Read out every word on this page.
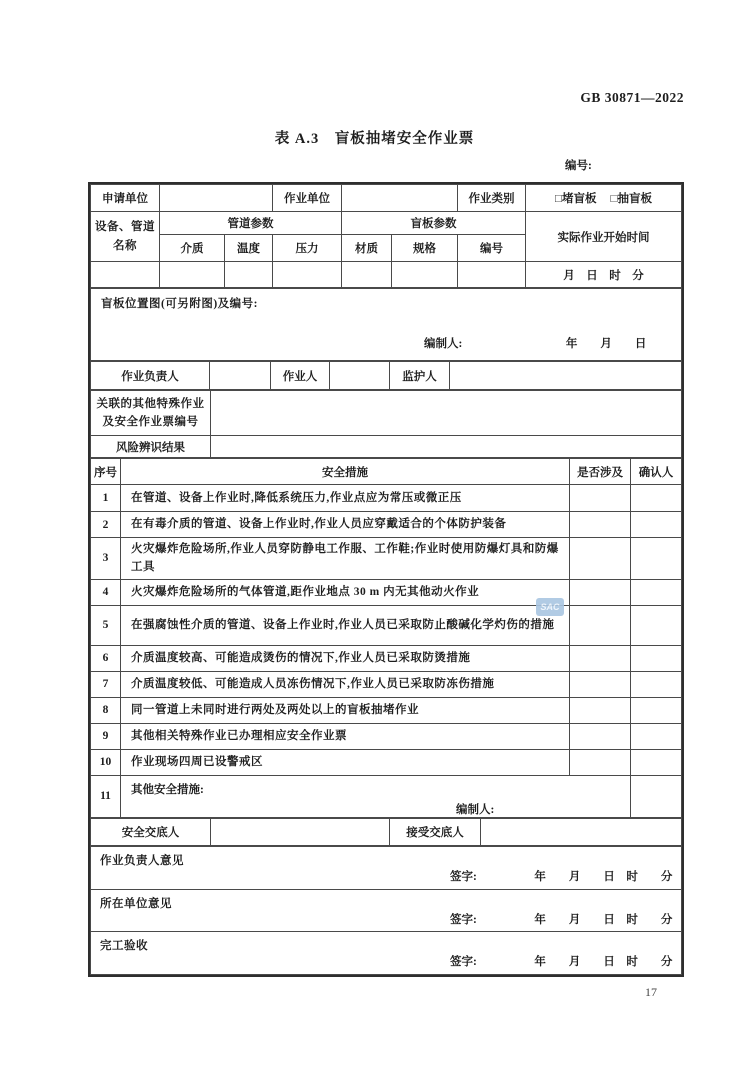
GB 30871—2022
表 A.3　盲板抽堵安全作业票
编号:
申请单位			作业单位			作业类别	□堵盲板 □抽盲板

设备、管道名称	管道参数			盲板参数			实际作业开始时间
	介质	温度	压力	材质	规格	编号	
							月　日　时　分
盲板位置图(可另附图)及编号:
编制人:　　　　　　　　　年　　月　　日
作业负责人		作业人		监护人	
关联的其他特殊作业及安全作业票编号	
风险辨识结果	
序号	安全措施	是否涉及	确认人
1	在管道、设备上作业时,降低系统压力,作业点应为常压或微正压		
2	在有毒介质的管道、设备上作业时,作业人员应穿戴适合的个体防护装备		
3	火灾爆炸危险场所,作业人员穿防静电工作服、工作鞋;作业时使用防爆灯具和防爆工具		
4	火灾爆炸危险场所的气体管道,距作业地点 30 m 内无其他动火作业		
5	在强腐蚀性介质的管道、设备上作业时,作业人员已采取防止酸碱化学灼伤的措施		
6	介质温度较高、可能造成烫伤的情况下,作业人员已采取防烫措施		
7	介质温度较低、可能造成人员冻伤情况下,作业人员已采取防冻伤措施		
8	同一管道上未同时进行两处及两处以上的盲板抽堵作业		
9	其他相关特殊作业已办理相应安全作业票		
10	作业现场四周已设警戒区		
11	其他安全措施:
编制人:		

安全交底人		接受交底人	
作业负责人意见
签字:　　　　　年　　月　　日　时　　分

所在单位意见
签字:　　　　　年　　月　　日　时　　分

完工验收
签字:　　　　　年　　月　　日　时　　分
SAC
17
